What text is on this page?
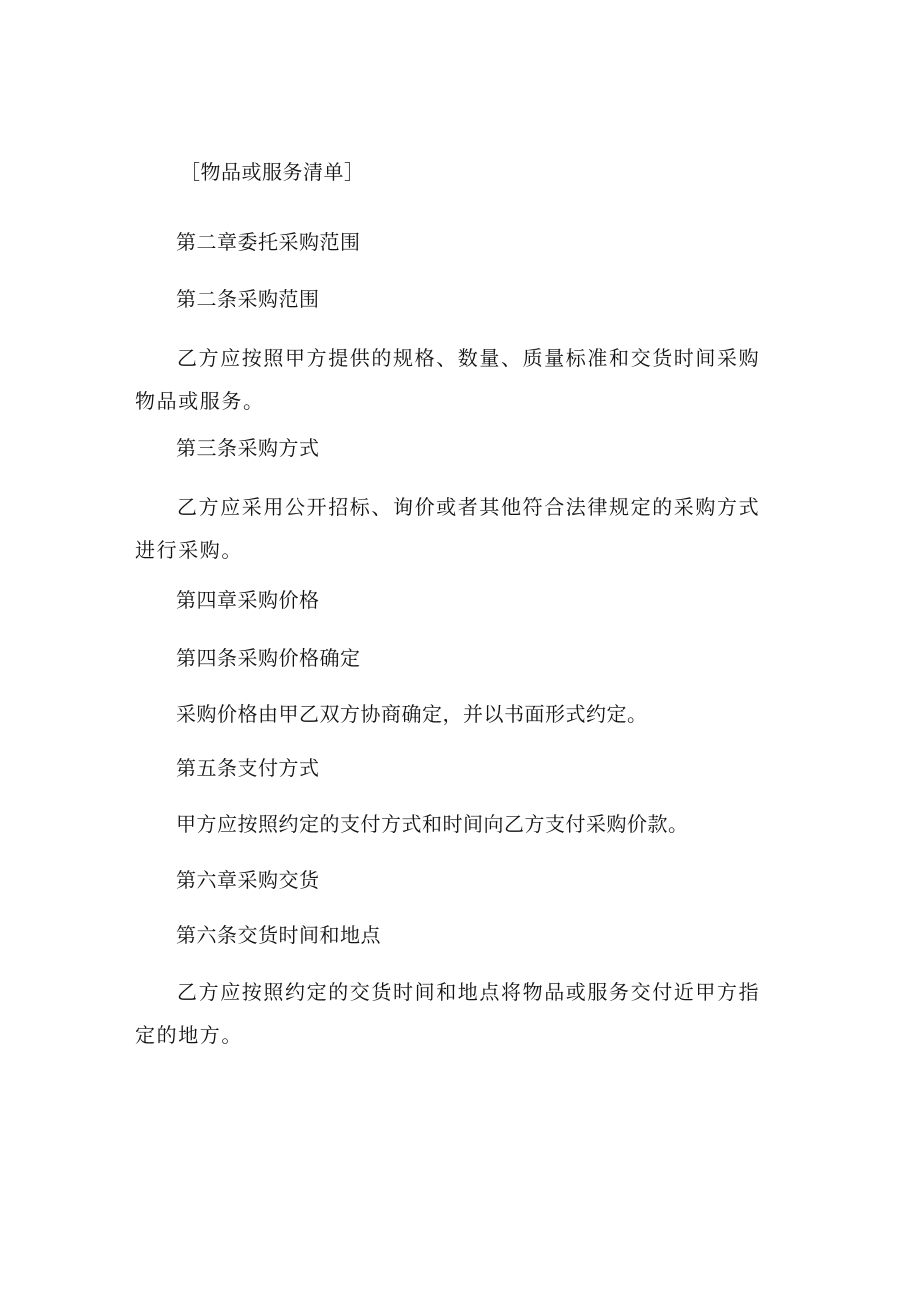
［物品或服务清单］
第二章委托采购范围
第二条采购范围
乙方应按照甲方提供的规格、数量、质量标准和交货时间采购物品或服务。
第三条采购方式
乙方应采用公开招标、询价或者其他符合法律规定的采购方式进行采购。
第四章采购价格
第四条采购价格确定
采购价格由甲乙双方协商确定，并以书面形式约定。
第五条支付方式
甲方应按照约定的支付方式和时间向乙方支付采购价款。
第六章采购交货
第六条交货时间和地点
乙方应按照约定的交货时间和地点将物品或服务交付近甲方指定的地方。
